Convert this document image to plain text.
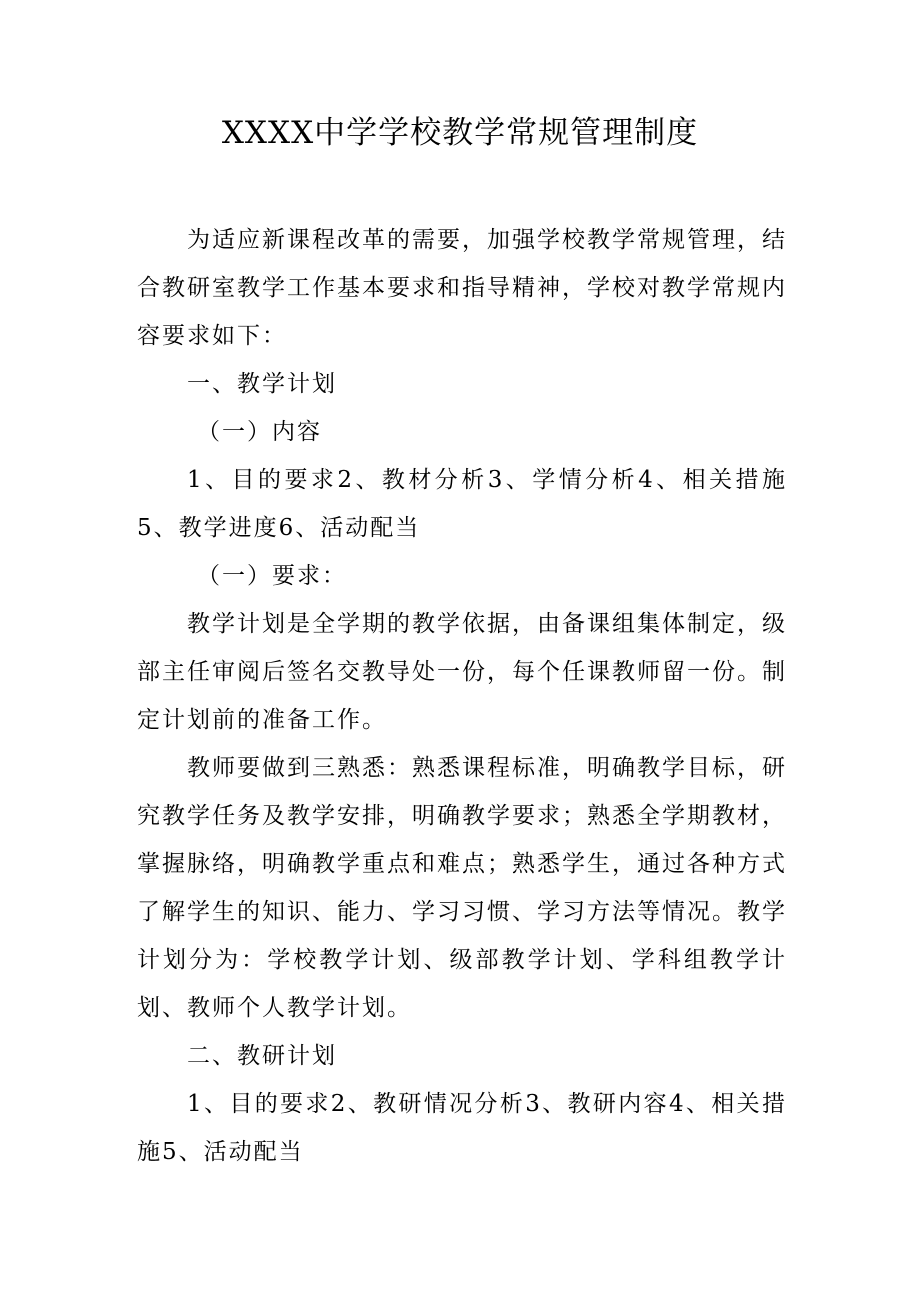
XXXX中学学校教学常规管理制度

为适应新课程改革的需要，加强学校教学常规管理，结合教研室教学工作基本要求和指导精神，学校对教学常规内容要求如下：

一、教学计划

（一）内容

1、目的要求2、教材分析3、学情分析4、相关措施5、教学进度6、活动配当

（一）要求：

教学计划是全学期的教学依据，由备课组集体制定，级部主任审阅后签名交教导处一份，每个任课教师留一份。制定计划前的准备工作。

教师要做到三熟悉：熟悉课程标准，明确教学目标，研究教学任务及教学安排，明确教学要求；熟悉全学期教材，掌握脉络，明确教学重点和难点；熟悉学生，通过各种方式了解学生的知识、能力、学习习惯、学习方法等情况。教学计划分为：学校教学计划、级部教学计划、学科组教学计划、教师个人教学计划。

二、教研计划

1、目的要求2、教研情况分析3、教研内容4、相关措施5、活动配当
